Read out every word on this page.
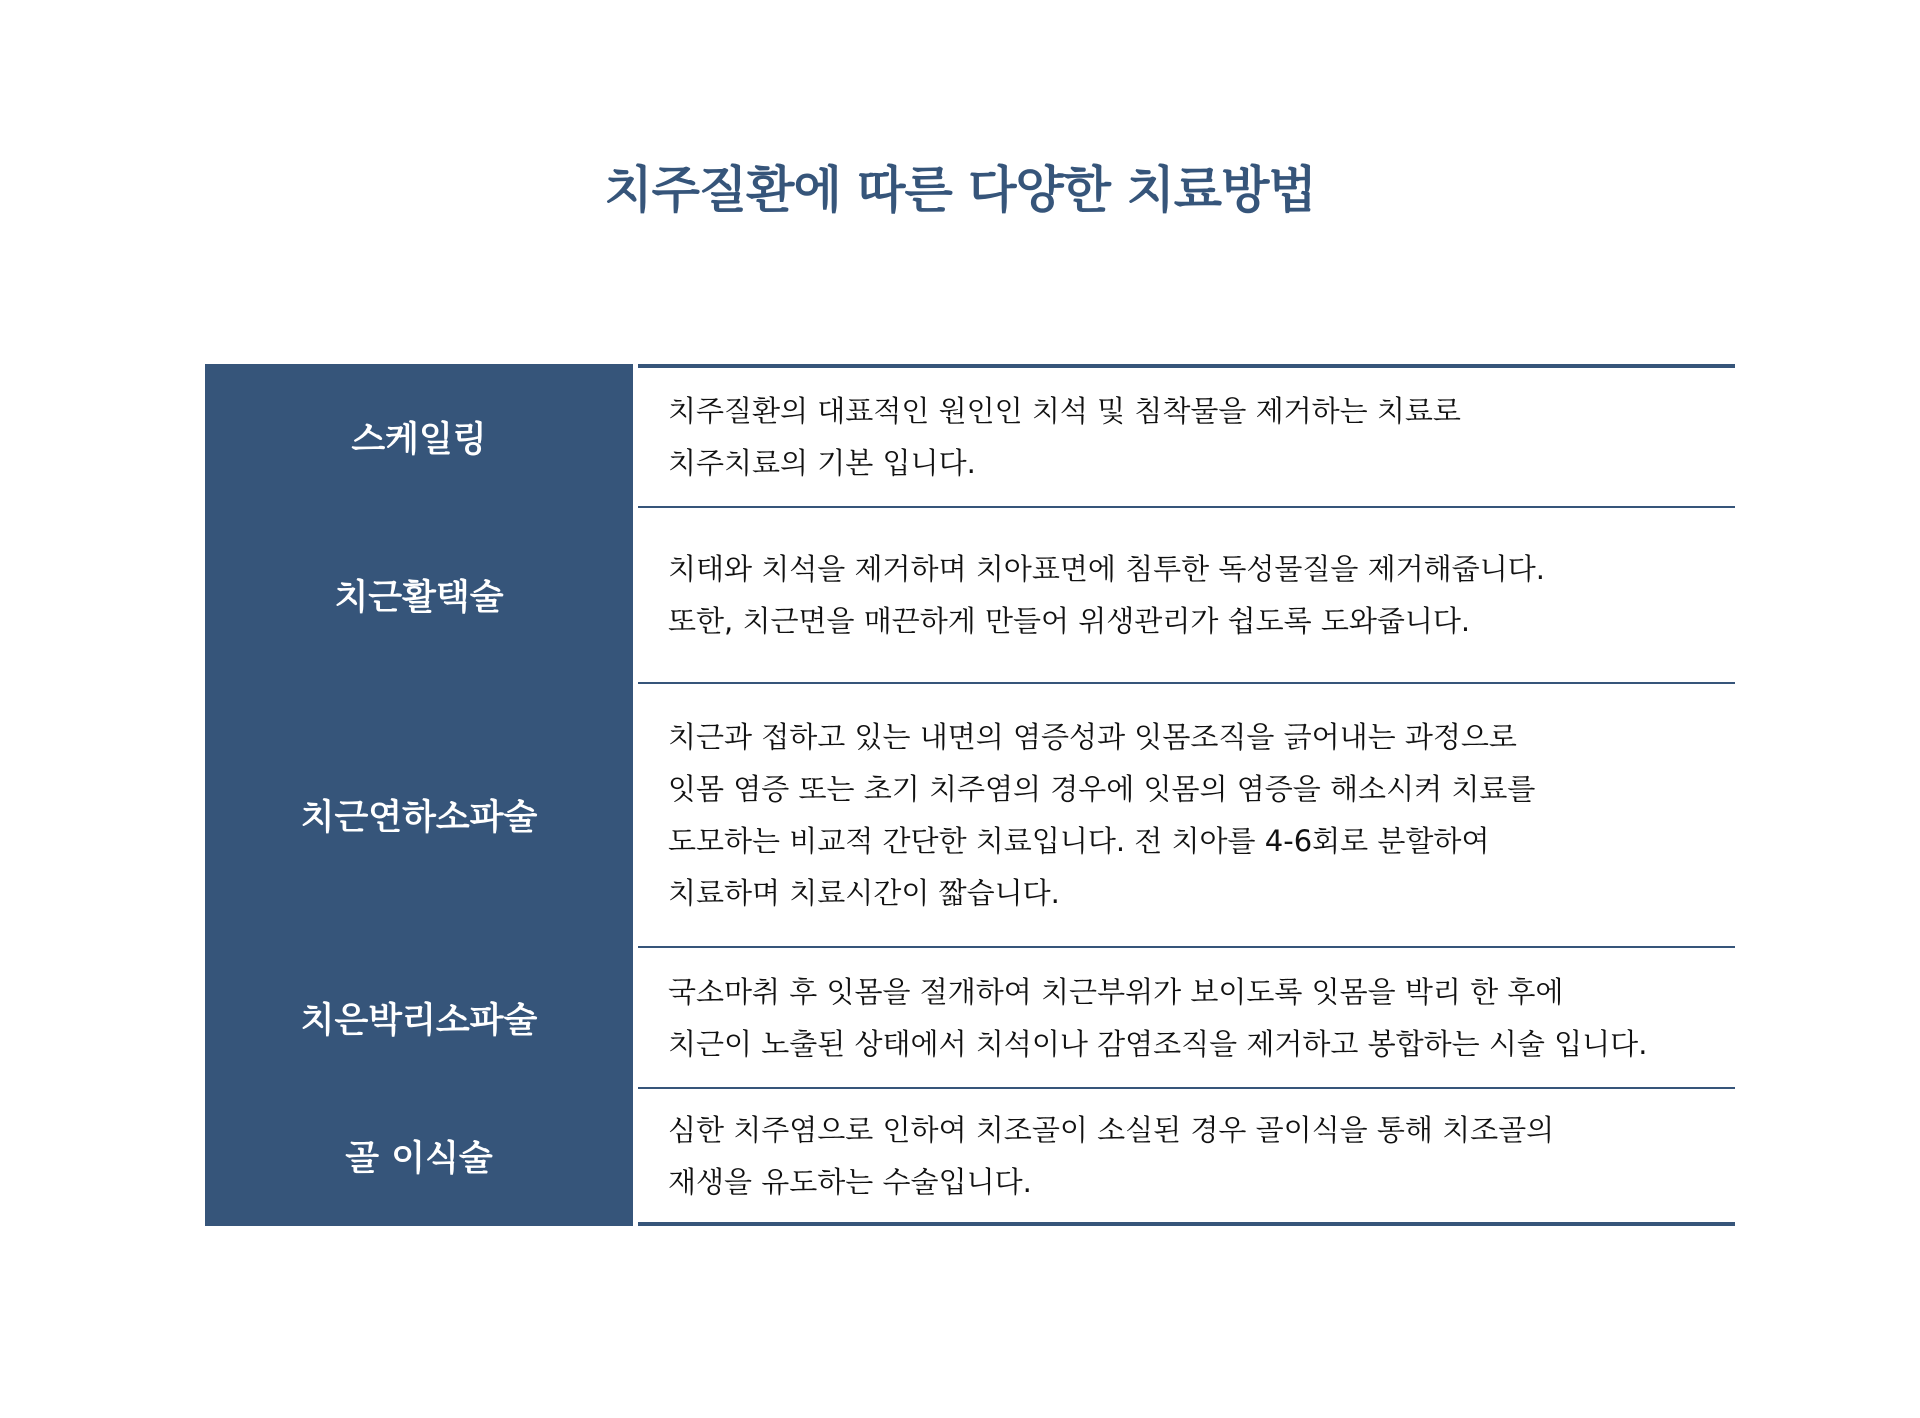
치주질환에 따른 다양한 치료방법
스케일링	치주질환의 대표적인 원인인 치석 및 침착물을 제거하는 치료로
치주치료의 기본 입니다.

치근활택술	치태와 치석을 제거하며 치아표면에 침투한 독성물질을 제거해줍니다.
또한, 치근면을 매끈하게 만들어 위생관리가 쉽도록 도와줍니다.

치근연하소파술	치근과 접하고 있는 내면의 염증성과 잇몸조직을 긁어내는 과정으로
잇몸 염증 또는 초기 치주염의 경우에 잇몸의 염증을 해소시켜 치료를
도모하는 비교적 간단한 치료입니다. 전 치아를 4-6회로 분할하여
치료하며 치료시간이 짧습니다.

치은박리소파술	국소마취 후 잇몸을 절개하여 치근부위가 보이도록 잇몸을 박리 한 후에
치근이 노출된 상태에서 치석이나 감염조직을 제거하고 봉합하는 시술 입니다.

골 이식술	심한 치주염으로 인하여 치조골이 소실된 경우 골이식을 통해 치조골의
재생을 유도하는 수술입니다.
